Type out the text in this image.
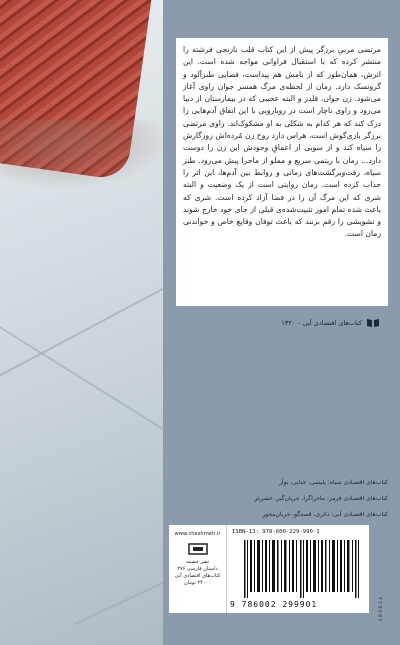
مرتضی مربیِ برزگر پیش از این کتاب قلب نارنجی فرشته را منتشر کرده که با استقبال فراوانی مواجه شده است. این اثرش، همان‌طور که از نامش هم پیداست، فضایی طنزآلود و گروتسک دارد. رمان از لحظه‌ی مرگ همسر جوان راوی آغاز می‌شود. زن جوان، قلدر و البته عجیبی که در بیمارستان از دنیا می‌رود و راوی ناچار است در رویارویی با این اتفاق آدم‌هایی را درک کند که هر کدام به شکلی به او مشکوک‌اند. راوی مرتضی برزگر بازی‌گوش است، هراس دارد روح زن مُرده‌اش روزگارش را سیاه کند و از سویی از اعماقِ وجودش این زن را دوست دارد... رمان با ریتمی سریع و مملو از ماجرا پیش می‌رود. طنز سیاه، رفت‌وبرگشت‌های زمانی و روابط بین آدم‌ها، این اثر را جذاب کرده است. رمان روایتی است از یک وضعیت و البته شری که این مرگ آن را در فضا آزاد کرده است. شری که باعث شده تمام امور تثبیت‌شده‌ی قبلی از جای خود خارج شوند و تشویشی را رقم بزنند که باعث توفان وقایع خاص و خواندنی رمان است.

کتاب‌های اقتصادی آبی – ۱۳۲۰
کتاب‌های اقتصادی سیاه: پلیسی، جنایی، نوآر
کتاب‌های اقتصادی قرمز: ماجراگرا، جریان‌گیر، خشن‌ثر
کتاب‌های اقتصادی آبی: ذائری، قصه‌گو، جریان‌محور
www.cheshmeh.ir
نشر چشمه
داستان فارسی ۲۷۶
کتاب‌های اقتصادی آبی
۲۴۰۰۰ تومان
ISBN-13: 978-600-229-990-1
9 786002 299901	1 8 9 6 3 4
